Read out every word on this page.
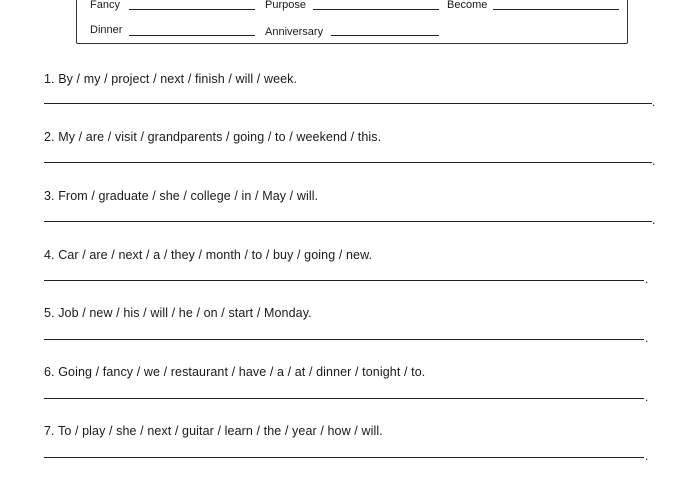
Fancy	Purpose	Become
Dinner	Anniversary
1. By / my / project / next / finish / will / week.
.
2. My / are / visit / grandparents / going / to / weekend / this.
.
3. From / graduate / she / college / in / May / will.
.
4. Car / are / next / a / they / month / to / buy / going / new.
.
5. Job / new / his / will / he / on / start / Monday.
.
6. Going / fancy / we / restaurant / have / a / at / dinner / tonight / to.
.
7. To / play / she / next / guitar / learn / the / year / how / will.
.
